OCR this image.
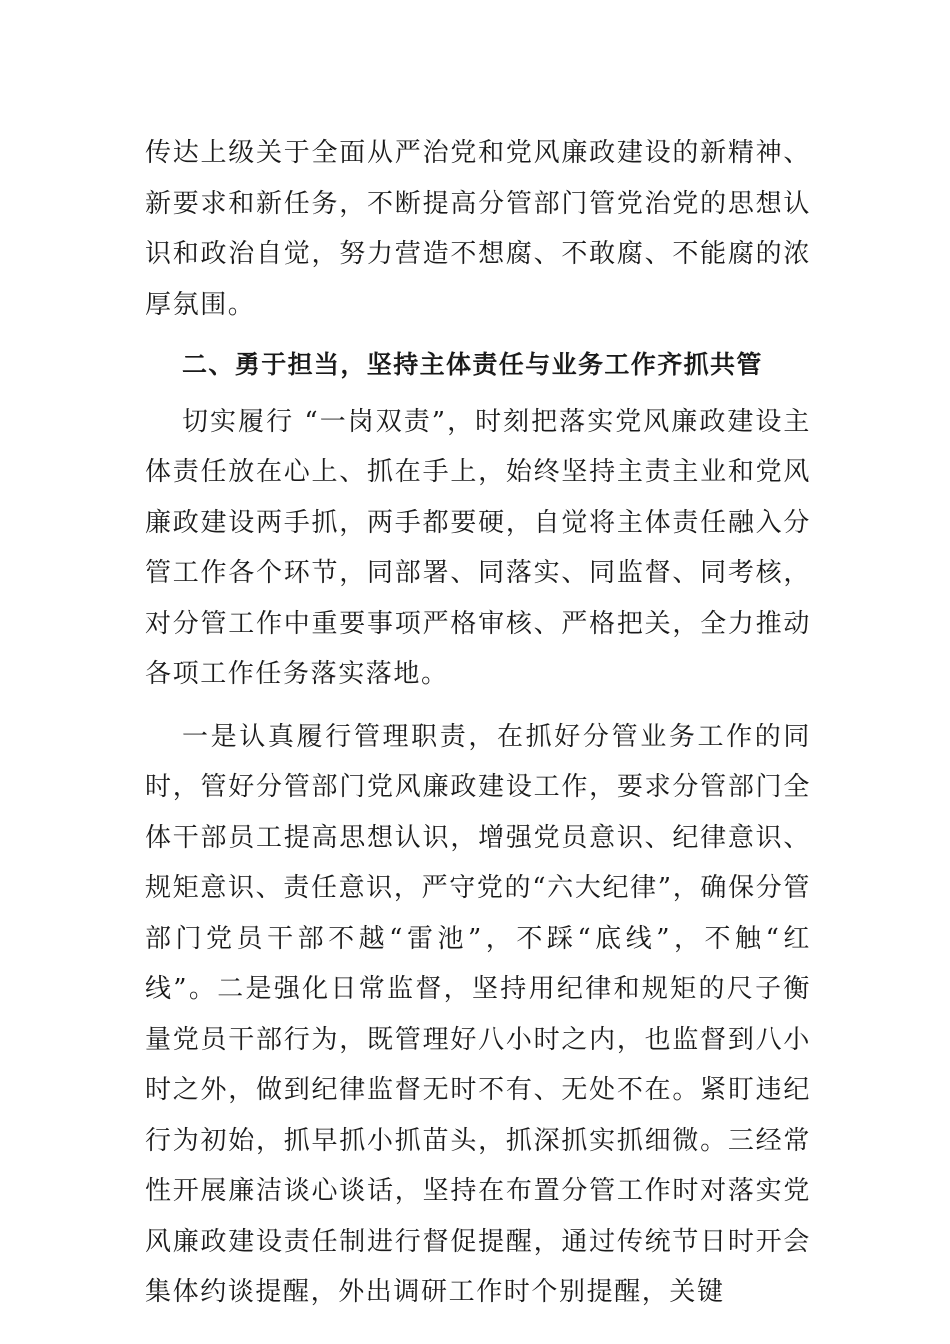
传达上级关于全面从严治党和党风廉政建设的新精神、新要求和新任务，不断提高分管部门管党治党的思想认识和政治自觉，努力营造不想腐、不敢腐、不能腐的浓厚氛围。

二、勇于担当，坚持主体责任与业务工作齐抓共管

切实履行 “一岗双责”，时刻把落实党风廉政建设主体责任放在心上、抓在手上，始终坚持主责主业和党风廉政建设两手抓，两手都要硬，自觉将主体责任融入分管工作各个环节，同部署、同落实、同监督、同考核，对分管工作中重要事项严格审核、严格把关，全力推动各项工作任务落实落地。

一是认真履行管理职责，在抓好分管业务工作的同时，管好分管部门党风廉政建设工作，要求分管部门全体干部员工提高思想认识，增强党员意识、纪律意识、规矩意识、责任意识，严守党的“六大纪律”，确保分管部门党员干部不越“雷池”，不踩“底线”，不触“红线”。二是强化日常监督，坚持用纪律和规矩的尺子衡量党员干部行为，既管理好八小时之内，也监督到八小时之外，做到纪律监督无时不有、无处不在。紧盯违纪行为初始，抓早抓小抓苗头，抓深抓实抓细微。三经常性开展廉洁谈心谈话，坚持在布置分管工作时对落实党风廉政建设责任制进行督促提醒，通过传统节日时开会集体约谈提醒，外出调研工作时个别提醒，关键
